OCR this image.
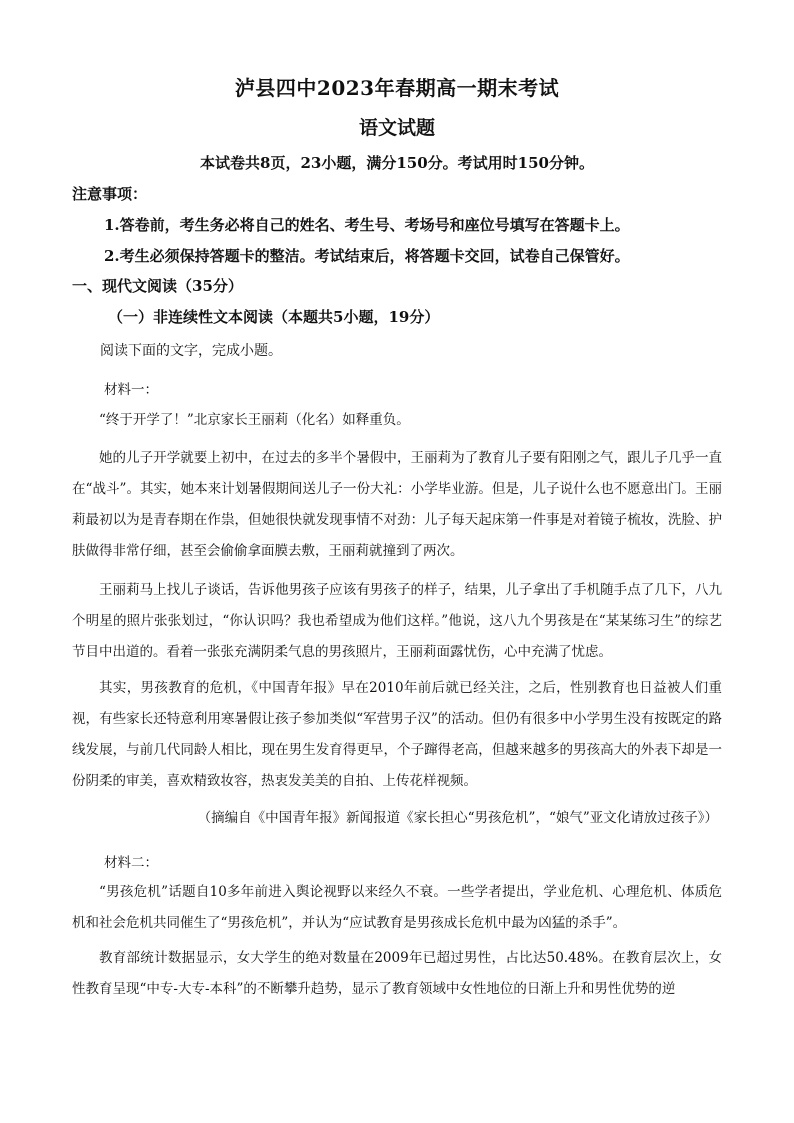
泸县四中2023年春期高一期末考试
语文试题
本试卷共8页，23小题，满分150分。考试用时150分钟。
注意事项：
1.答卷前，考生务必将自己的姓名、考生号、考场号和座位号填写在答题卡上。
2.考生必须保持答题卡的整洁。考试结束后，将答题卡交回，试卷自己保管好。
一、现代文阅读（35分）
（一）非连续性文本阅读（本题共5小题，19分）
阅读下面的文字，完成小题。
材料一：

“终于开学了！”北京家长王丽莉（化名）如释重负。

她的儿子开学就要上初中，在过去的多半个暑假中，王丽莉为了教育儿子要有阳刚之气，跟儿子几乎一直在“战斗”。其实，她本来计划暑假期间送儿子一份大礼：小学毕业游。但是，儿子说什么也不愿意出门。王丽莉最初以为是青春期在作祟，但她很快就发现事情不对劲：儿子每天起床第一件事是对着镜子梳妆，洗脸、护肤做得非常仔细，甚至会偷偷拿面膜去敷，王丽莉就撞到了两次。

王丽莉马上找儿子谈话，告诉他男孩子应该有男孩子的样子，结果，儿子拿出了手机随手点了几下，八九个明星的照片张张划过，“你认识吗？我也希望成为他们这样。”他说，这八九个男孩是在“某某练习生”的综艺节目中出道的。看着一张张充满阴柔气息的男孩照片，王丽莉面露忧伤，心中充满了忧虑。

其实，男孩教育的危机，《中国青年报》早在2010年前后就已经关注，之后，性别教育也日益被人们重视，有些家长还特意利用寒暑假让孩子参加类似“军营男子汉”的活动。但仍有很多中小学男生没有按既定的路线发展，与前几代同龄人相比，现在男生发育得更早，个子蹿得老高，但越来越多的男孩高大的外表下却是一份阴柔的审美，喜欢精致妆容，热衷发美美的自拍、上传花样视频。

（摘编自《中国青年报》新闻报道《家长担心“男孩危机”，“娘气”亚文化请放过孩子》）
材料二：

“男孩危机”话题自10多年前进入舆论视野以来经久不衰。一些学者提出，学业危机、心理危机、体质危机和社会危机共同催生了“男孩危机”，并认为“应试教育是男孩成长危机中最为凶猛的杀手”。

教育部统计数据显示，女大学生的绝对数量在2009年已超过男性，占比达50.48%。在教育层次上，女性教育呈现“中专-大专-本科”的不断攀升趋势，显示了教育领域中女性地位的日渐上升和男性优势的逆
